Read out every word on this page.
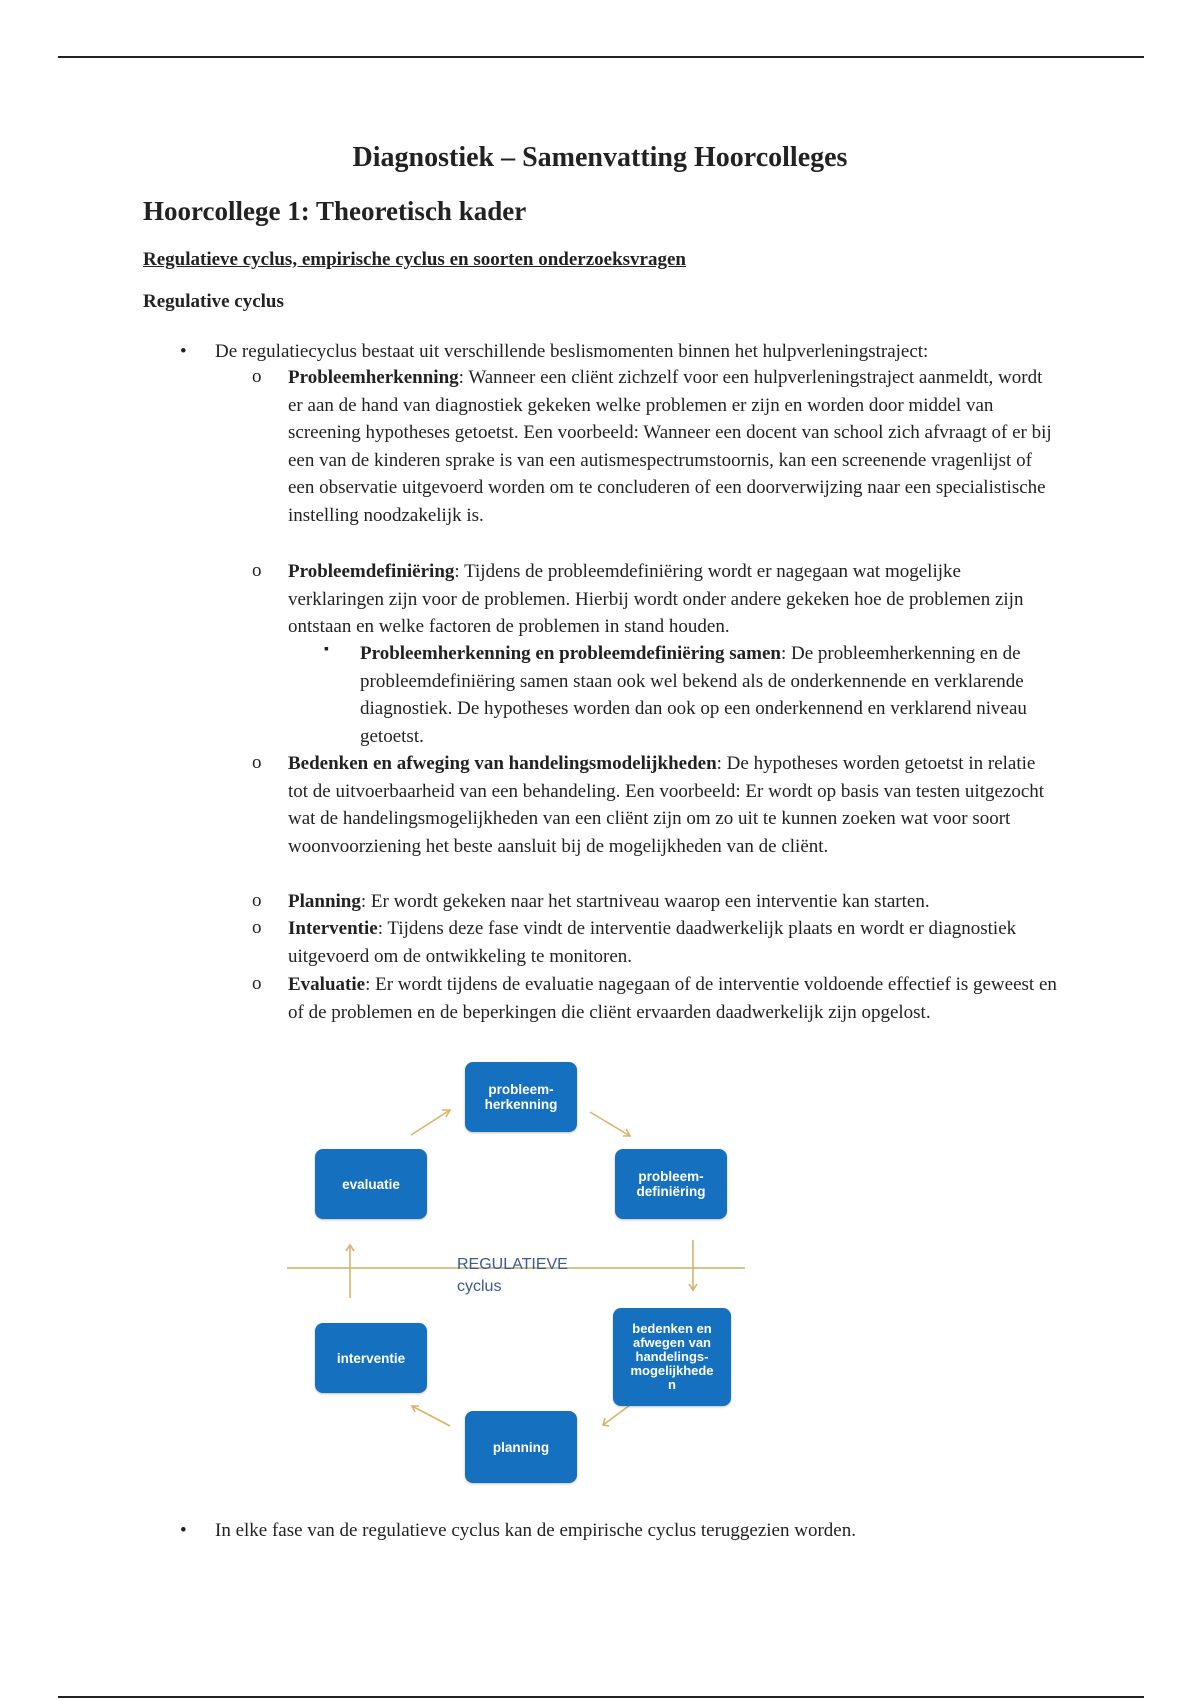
Diagnostiek – Samenvatting Hoorcolleges
Hoorcollege 1: Theoretisch kader
Regulatieve cyclus, empirische cyclus en soorten onderzoeksvragen
Regulative cyclus
• De regulatiecyclus bestaat uit verschillende beslismomenten binnen het hulpverleningstraject:
o Probleemherkenning: Wanneer een cliënt zichzelf voor een hulpverleningstraject aanmeldt, wordt er aan de hand van diagnostiek gekeken welke problemen er zijn en worden door middel van screening hypotheses getoetst. Een voorbeeld: Wanneer een docent van school zich afvraagt of er bij een van de kinderen sprake is van een autismespectrumstoornis, kan een screenende vragenlijst of een observatie uitgevoerd worden om te concluderen of een doorverwijzing naar een specialistische instelling noodzakelijk is.
o Probleemdefiniëring: Tijdens de probleemdefiniëring wordt er nagegaan wat mogelijke verklaringen zijn voor de problemen. Hierbij wordt onder andere gekeken hoe de problemen zijn ontstaan en welke factoren de problemen in stand houden.
▪ Probleemherkenning en probleemdefiniëring samen: De probleemherkenning en de probleemdefiniëring samen staan ook wel bekend als de onderkennende en verklarende diagnostiek. De hypotheses worden dan ook op een onderkennend en verklarend niveau getoetst.
o Bedenken en afweging van handelingsmodelijkheden: De hypotheses worden getoetst in relatie tot de uitvoerbaarheid van een behandeling. Een voorbeeld: Er wordt op basis van testen uitgezocht wat de handelingsmogelijkheden van een cliënt zijn om zo uit te kunnen zoeken wat voor soort woonvoorziening het beste aansluit bij de mogelijkheden van de cliënt.
o Planning: Er wordt gekeken naar het startniveau waarop een interventie kan starten.
o Interventie: Tijdens deze fase vindt de interventie daadwerkelijk plaats en wordt er diagnostiek uitgevoerd om de ontwikkeling te monitoren.
o Evaluatie: Er wordt tijdens de evaluatie nagegaan of de interventie voldoende effectief is geweest en of de problemen en de beperkingen die cliënt ervaarden daadwerkelijk zijn opgelost.
probleem-
herkenning
probleem-
definiëring
bedenken en
afwegen van
handelings-
mogelijkhede
n
planning
interventie
evaluatie
REGULATIEVE
cyclus
• In elke fase van de regulatieve cyclus kan de empirische cyclus teruggezien worden.
